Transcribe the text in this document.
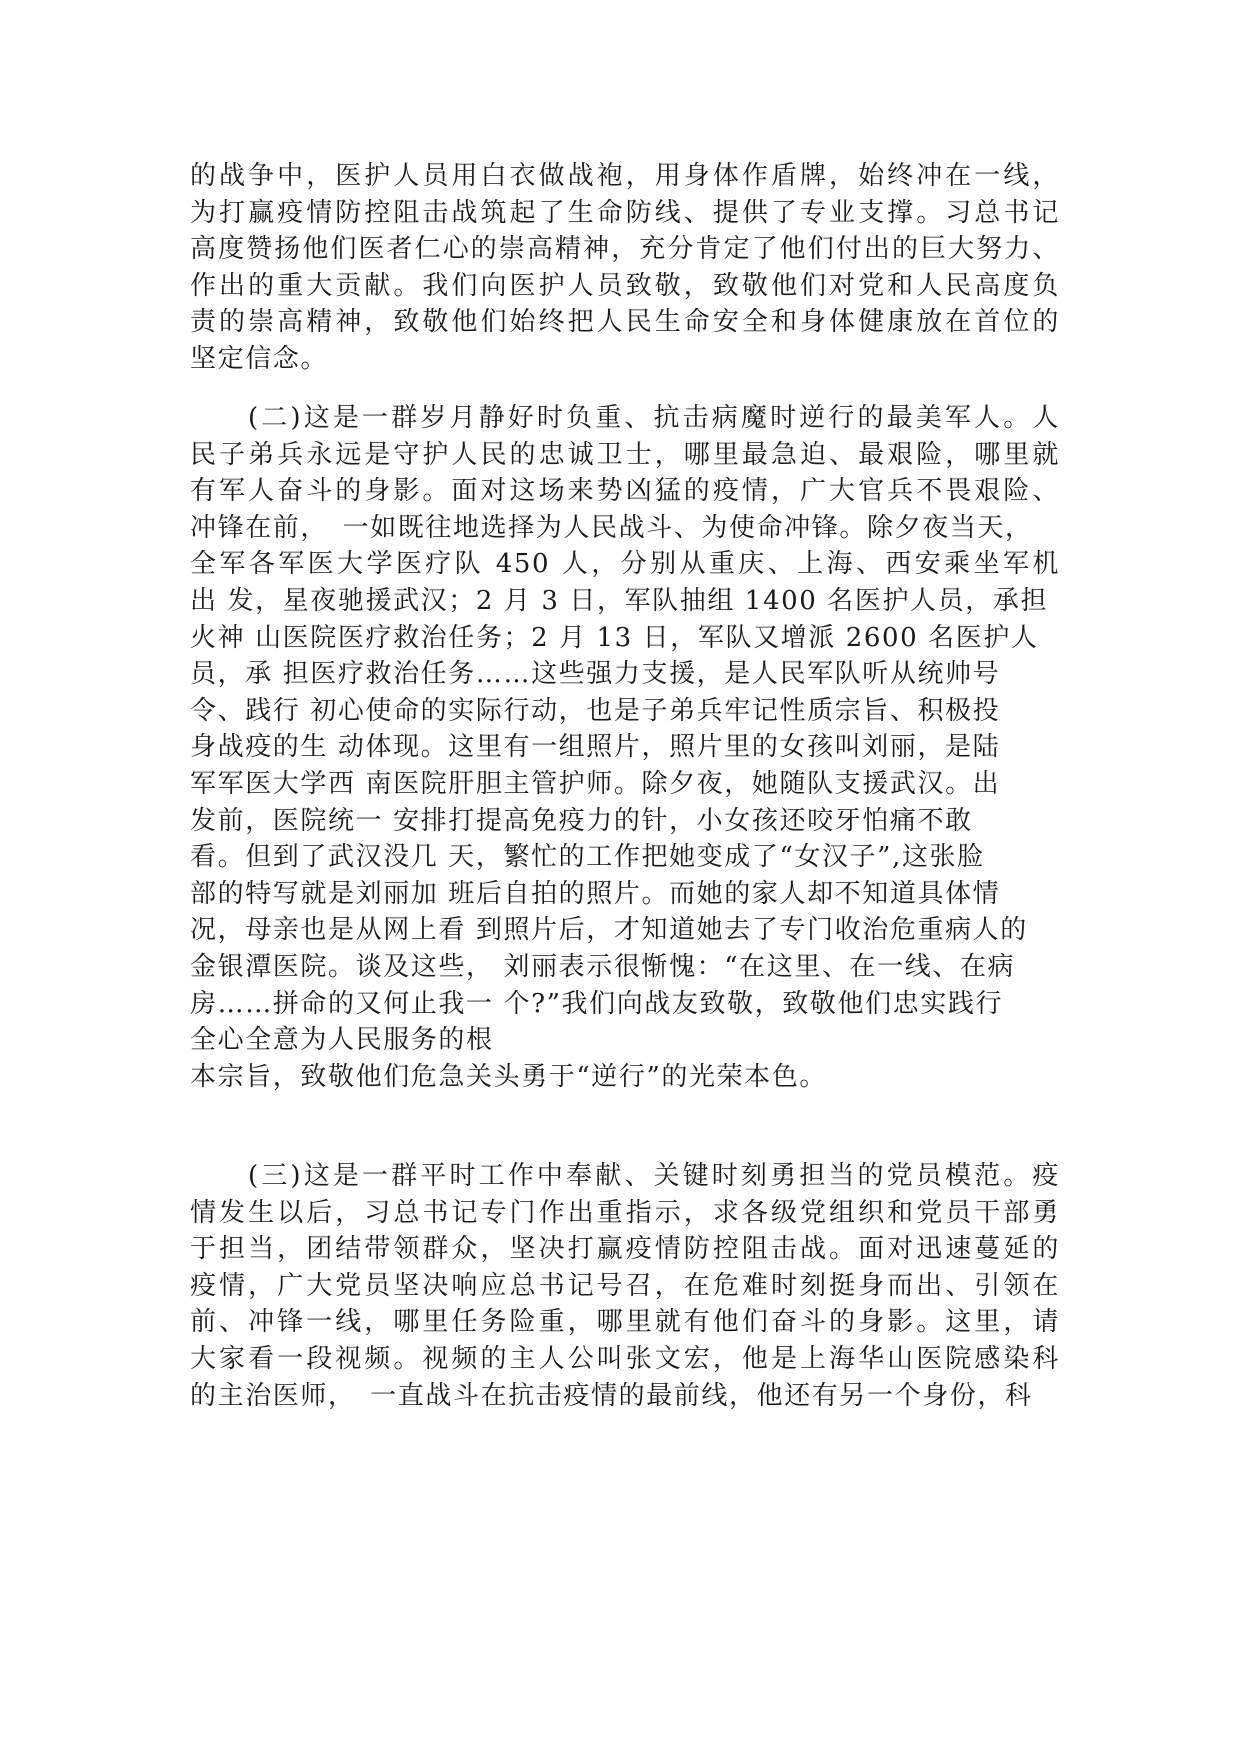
的战争中，医护人员用白衣做战袍，用身体作盾牌，始终冲在一线，
为打赢疫情防控阻击战筑起了生命防线、提供了专业支撑。习总书记
高度赞扬他们医者仁心的崇高精神，充分肯定了他们付出的巨大努力、
作出的重大贡献。我们向医护人员致敬，致敬他们对党和人民高度负
责的崇高精神，致敬他们始终把人民生命安全和身体健康放在首位的
坚定信念。
(二)这是一群岁月静好时负重、抗击病魔时逆行的最美军人。人
民子弟兵永远是守护人民的忠诚卫士，哪里最急迫、最艰险，哪里就
有军人奋斗的身影。面对这场来势凶猛的疫情，广大官兵不畏艰险、
冲锋在前，　一如既往地选择为人民战斗、为使命冲锋。除夕夜当天，
全军各军医大学医疗队 450 人，分别从重庆、上海、西安乘坐军机
出 发，星夜驰援武汉；2 月 3 日，军队抽组 1400 名医护人员，承担
火神 山医院医疗救治任务；2 月 13 日，军队又增派 2600 名医护人
员，承 担医疗救治任务……这些强力支援，是人民军队听从统帅号
令、践行 初心使命的实际行动，也是子弟兵牢记性质宗旨、积极投
身战疫的生 动体现。这里有一组照片，照片里的女孩叫刘丽，是陆
军军医大学西 南医院肝胆主管护师。除夕夜，她随队支援武汉。出
发前，医院统一 安排打提高免疫力的针，小女孩还咬牙怕痛不敢
看。但到了武汉没几 天，繁忙的工作把她变成了“女汉子”,这张脸
部的特写就是刘丽加 班后自拍的照片。而她的家人却不知道具体情
况，母亲也是从网上看 到照片后，才知道她去了专门收治危重病人的
金银潭医院。谈及这些， 刘丽表示很惭愧：“在这里、在一线、在病
房……拼命的又何止我一 个?”我们向战友致敬，致敬他们忠实践行
全心全意为人民服务的根
本宗旨，致敬他们危急关头勇于“逆行”的光荣本色。
(三)这是一群平时工作中奉献、关键时刻勇担当的党员模范。疫
情发生以后，习总书记专门作出重指示，求各级党组织和党员干部勇
于担当，团结带领群众，坚决打赢疫情防控阻击战。面对迅速蔓延的
疫情，广大党员坚决响应总书记号召，在危难时刻挺身而出、引领在
前、冲锋一线，哪里任务险重，哪里就有他们奋斗的身影。这里，请
大家看一段视频。视频的主人公叫张文宏，他是上海华山医院感染科
的主治医师，　一直战斗在抗击疫情的最前线，他还有另一个身份，科
